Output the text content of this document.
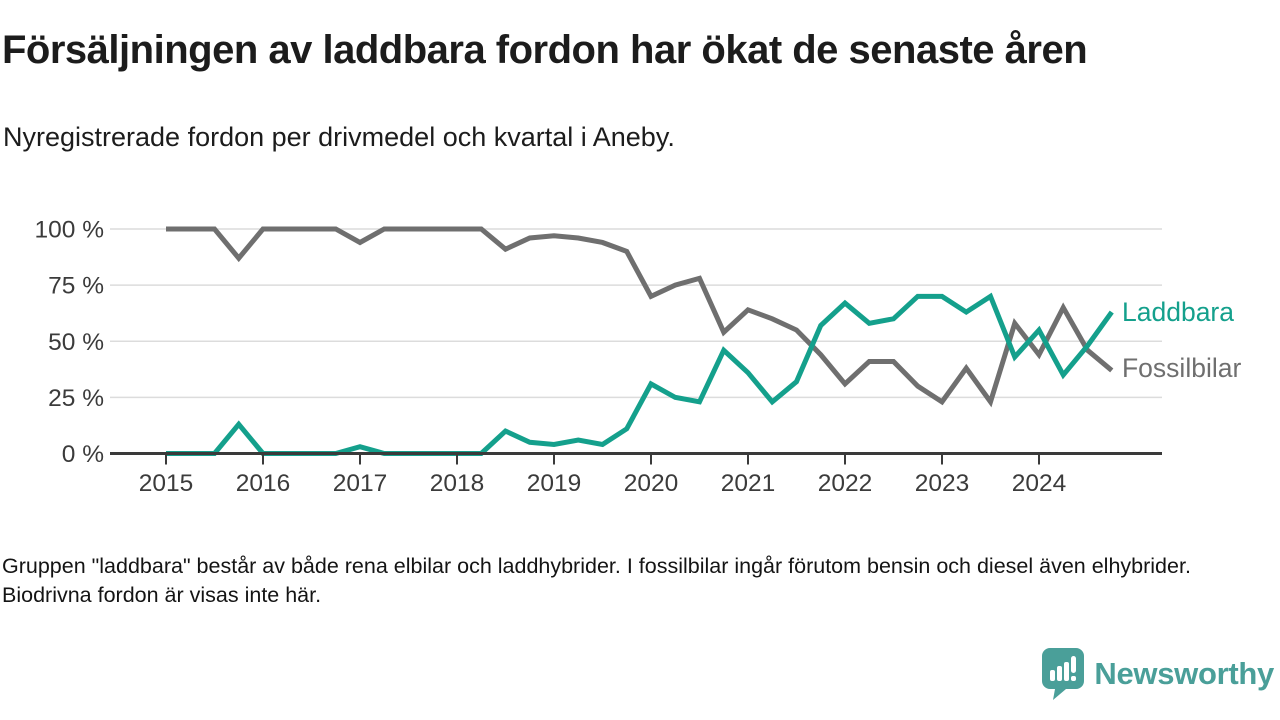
Försäljningen av laddbara fordon har ökat de senaste åren

Nyregistrerade fordon per drivmedel och kvartal i Aneby.

0 %
25 %
50 %
75 %
100 %
2015 2016 2017 2018 2019 2020 2021 2022 2023 2024
Laddbara
Fossilbilar

Gruppen "laddbara" består av både rena elbilar och laddhybrider. I fossilbilar ingår förutom bensin och diesel även elhybrider. Biodrivna fordon är visas inte här.

Newsworthy
